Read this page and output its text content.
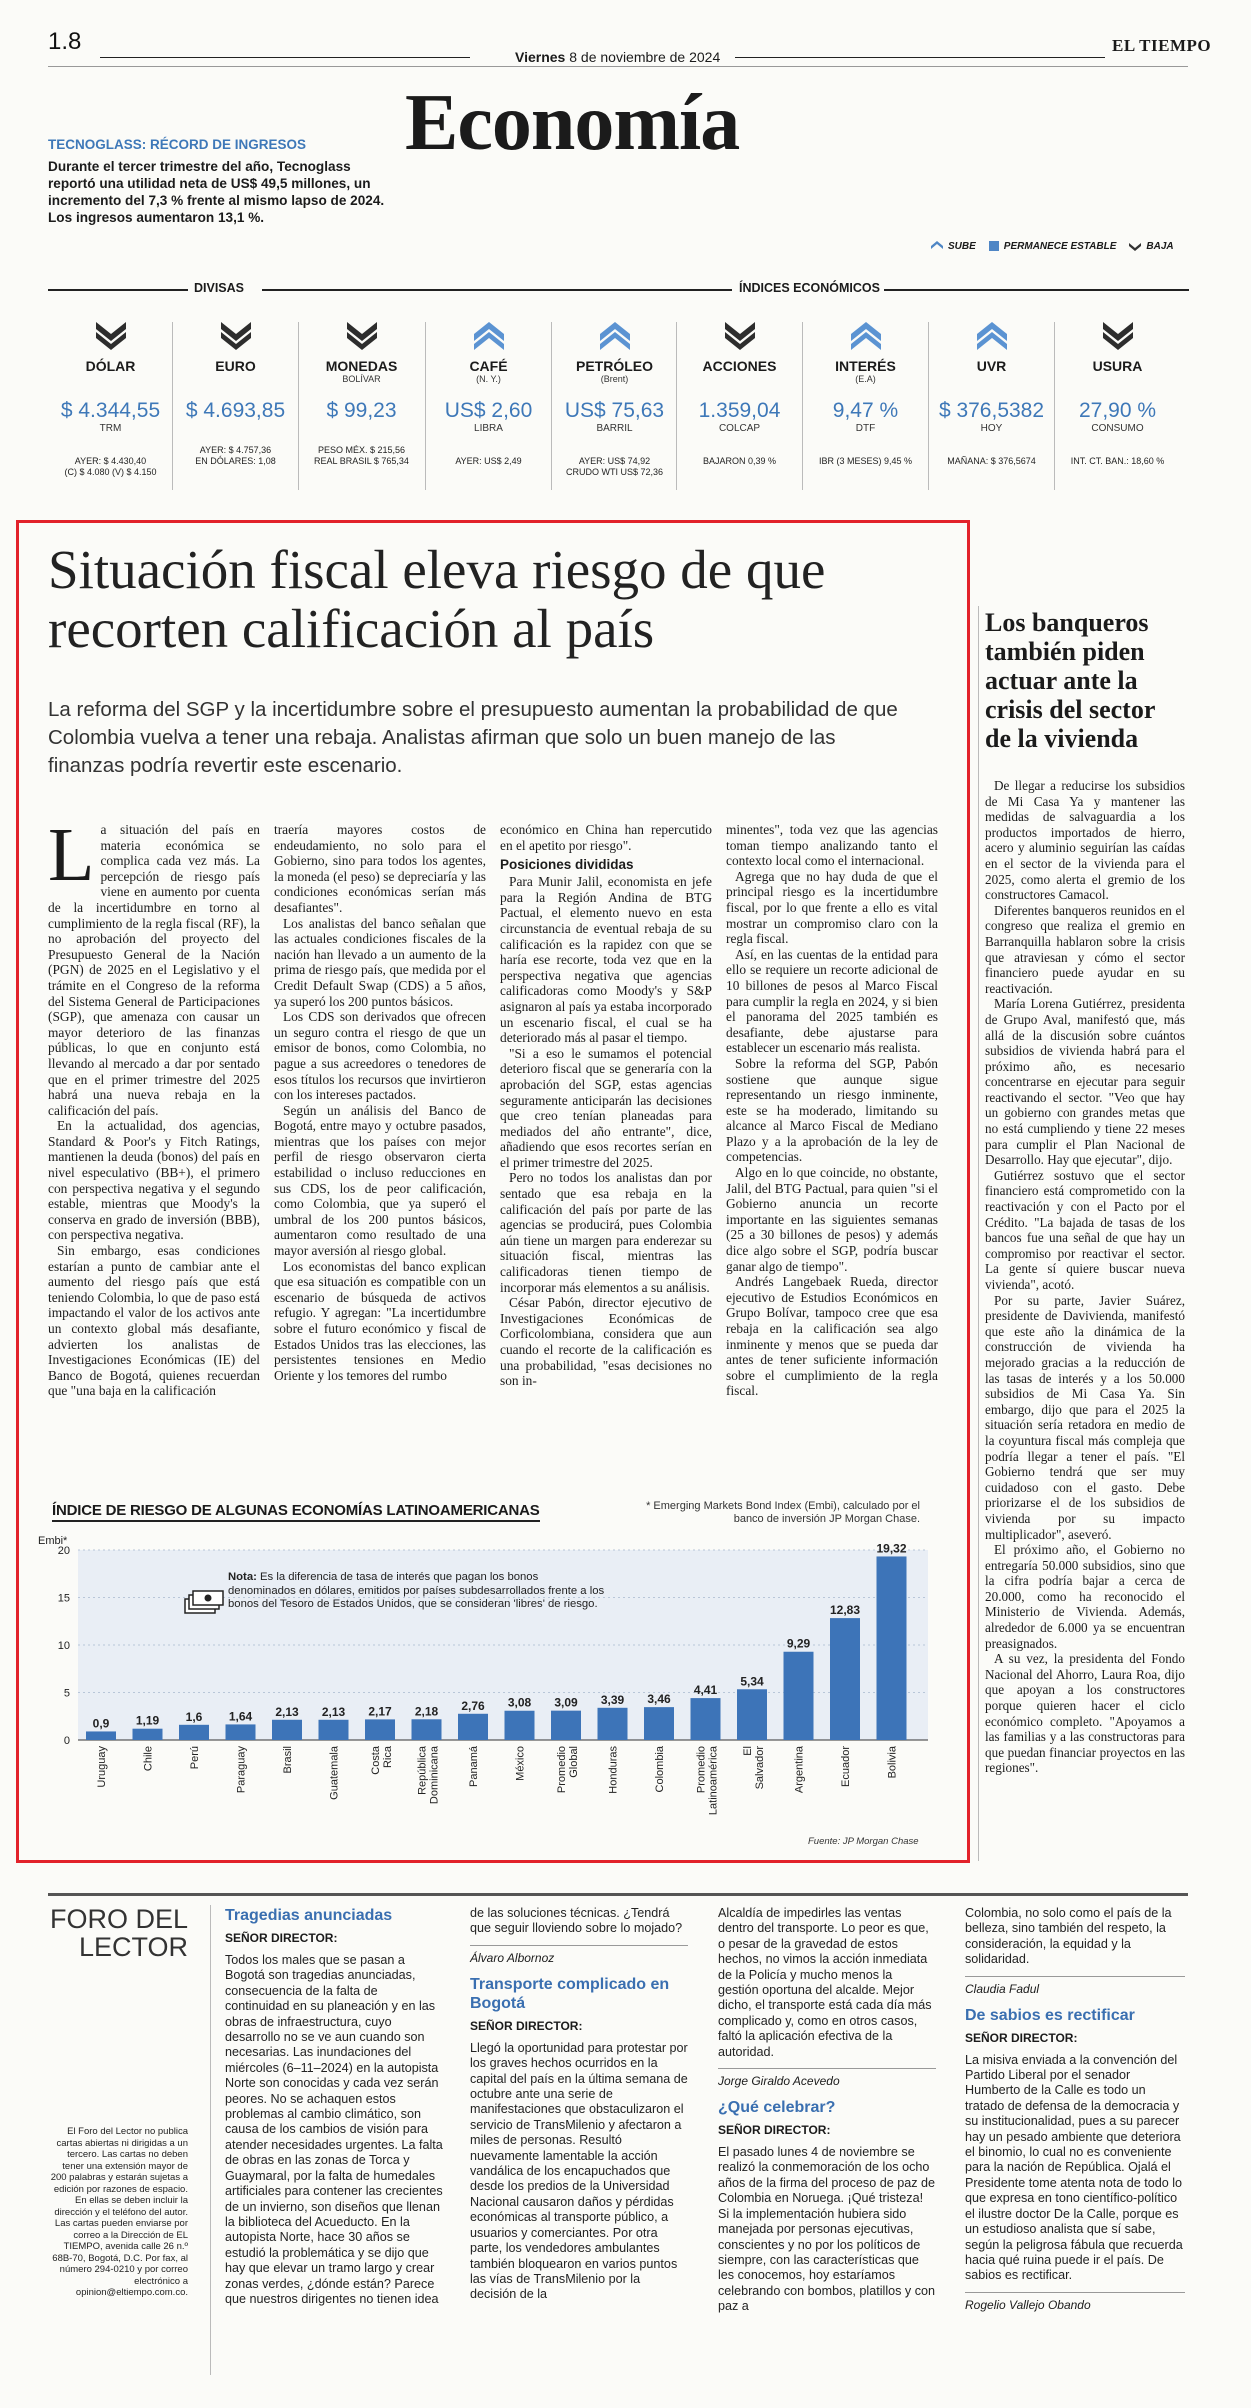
1.8
Viernes 8 de noviembre de 2024
EL TIEMPO
Economía
TECNOGLASS: RÉCORD DE INGRESOS
Durante el tercer trimestre del año, Tecnoglass reportó una utilidad neta de US$ 49,5 millones, un incremento del 7,3 % frente al mismo lapso de 2024. Los ingresos aumentaron 13,1 %.
SUBE	PERMANECE ESTABLE	BAJA
DIVISAS	ÍNDICES ECONÓMICOS
DÓLAR
$ 4.344,55
TRM
AYER: $ 4.430,40
(C) $ 4.080 (V) $ 4.150
EURO
$ 4.693,85
AYER: $ 4.757,36
EN DÓLARES: 1,08
MONEDAS
BOLÍVAR
$ 99,23
PESO MÉX. $ 215,56
REAL BRASIL $ 765,34
CAFÉ
(N. Y.)
US$ 2,60
LIBRA
AYER: US$ 2,49
PETRÓLEO
(Brent)
US$ 75,63
BARRIL
AYER: US$ 74,92
CRUDO WTI US$ 72,36
ACCIONES
1.359,04
COLCAP
BAJARON 0,39 %
INTERÉS
(E.A)
9,47 %
DTF
IBR (3 MESES) 9,45 %
UVR
$ 376,5382
HOY
MAÑANA: $ 376,5674
USURA
27,90 %
CONSUMO
INT. CT. BAN.: 18,60 %
Situación fiscal eleva riesgo de que recorten calificación al país
La reforma del SGP y la incertidumbre sobre el presupuesto aumentan la probabilidad de que Colombia vuelva a tener una rebaja. Analistas afirman que solo un buen manejo de las finanzas podría revertir este escenario.
L a situación del país en materia económica se complica cada vez más. La percepción de riesgo país viene en aumento por cuenta de la incertidumbre en torno al cumplimiento de la regla fiscal (RF), la no aprobación del proyecto del Presupuesto General de la Nación (PGN) de 2025 en el Legislativo y el trámite en el Congreso de la reforma del Sistema General de Participaciones (SGP), que amenaza con causar un mayor deterioro de las finanzas públicas, lo que en conjunto está llevando al mercado a dar por sentado que en el primer trimestre del 2025 habrá una nueva rebaja en la calificación del país.

En la actualidad, dos agencias, Standard & Poor's y Fitch Ratings, mantienen la deuda (bonos) del país en nivel especulativo (BB+), el primero con perspectiva negativa y el segundo estable, mientras que Moody's la conserva en grado de inversión (BBB), con perspectiva negativa.

Sin embargo, esas condiciones estarían a punto de cambiar ante el aumento del riesgo país que está teniendo Colombia, lo que de paso está impactando el valor de los activos ante un contexto global más desafiante, advierten los analistas de Investigaciones Económicas (IE) del Banco de Bogotá, quienes recuerdan que "una baja en la calificación

traería mayores costos de endeudamiento, no solo para el Gobierno, sino para todos los agentes, la moneda (el peso) se depreciaría y las condiciones económicas serían más desafiantes".

Los analistas del banco señalan que las actuales condiciones fiscales de la nación han llevado a un aumento de la prima de riesgo país, que medida por el Credit Default Swap (CDS) a 5 años, ya superó los 200 puntos básicos.

Los CDS son derivados que ofrecen un seguro contra el riesgo de que un emisor de bonos, como Colombia, no pague a sus acreedores o tenedores de esos títulos los recursos que invirtieron con los intereses pactados.

Según un análisis del Banco de Bogotá, entre mayo y octubre pasados, mientras que los países con mejor perfil de riesgo observaron cierta estabilidad o incluso reducciones en sus CDS, los de peor calificación, como Colombia, que ya superó el umbral de los 200 puntos básicos, aumentaron como resultado de una mayor aversión al riesgo global.

Los economistas del banco explican que esa situación es compatible con un escenario de búsqueda de activos refugio. Y agregan: "La incertidumbre sobre el futuro económico y fiscal de Estados Unidos tras las elecciones, las persistentes tensiones en Medio Oriente y los temores del rumbo

económico en China han repercutido en el apetito por riesgo".

Posiciones divididas

Para Munir Jalil, economista en jefe para la Región Andina de BTG Pactual, el elemento nuevo en esta circunstancia de eventual rebaja de su calificación es la rapidez con que se haría ese recorte, toda vez que en la perspectiva negativa que agencias calificadoras como Moody's y S&P asignaron al país ya estaba incorporado un escenario fiscal, el cual se ha deteriorado más al pasar el tiempo.

"Si a eso le sumamos el potencial deterioro fiscal que se generaría con la aprobación del SGP, estas agencias seguramente anticiparán las decisiones que creo tenían planeadas para mediados del año entrante", dice, añadiendo que esos recortes serían en el primer trimestre del 2025.

Pero no todos los analistas dan por sentado que esa rebaja en la calificación del país por parte de las agencias se producirá, pues Colombia aún tiene un margen para enderezar su situación fiscal, mientras las calificadoras tienen tiempo de incorporar más elementos a su análisis.

César Pabón, director ejecutivo de Investigaciones Económicas de Corficolombiana, considera que aun cuando el recorte de la calificación es una probabilidad, "esas decisiones no son in-

minentes", toda vez que las agencias toman tiempo analizando tanto el contexto local como el internacional.

Agrega que no hay duda de que el principal riesgo es la incertidumbre fiscal, por lo que frente a ello es vital mostrar un compromiso claro con la regla fiscal.

Así, en las cuentas de la entidad para ello se requiere un recorte adicional de 10 billones de pesos al Marco Fiscal para cumplir la regla en 2024, y si bien el panorama del 2025 también es desafiante, debe ajustarse para establecer un escenario más realista.

Sobre la reforma del SGP, Pabón sostiene que aunque sigue representando un riesgo inminente, este se ha moderado, limitando su alcance al Marco Fiscal de Mediano Plazo y a la aprobación de la ley de competencias.

Algo en lo que coincide, no obstante, Jalil, del BTG Pactual, para quien "si el Gobierno anuncia un recorte importante en las siguientes semanas (25 a 30 billones de pesos) y además dice algo sobre el SGP, podría buscar ganar algo de tiempo".

Andrés Langebaek Rueda, director ejecutivo de Estudios Económicos en Grupo Bolívar, tampoco cree que esa rebaja en la calificación sea algo inminente y menos que se pueda dar antes de tener suficiente información sobre el cumplimiento de la regla fiscal.

ÍNDICE DE RIESGO DE ALGUNAS ECONOMÍAS LATINOAMERICANAS	* Emerging Markets Bond Index (Embi), calculado por el banco de inversión JP Morgan Chase.
Embi*
0
5
10
15
20
0,9
Uruguay
1,19
Chile
1,6
Perú
1,64
Paraguay
2,13
Brasil
2,13
Guatemala
2,17
CostaRica
2,18
RepúblicaDominicana
2,76
Panamá
3,08
México
3,09
PromedioGlobal
3,39
Honduras
3,46
Colombia
4,41
PromedioLatinoamérica
5,34
ElSalvador
9,29
Argentina
12,83
Ecuador
19,32
Bolivia
Nota: Es la diferencia de tasa de interés que pagan los bonos denominados en dólares, emitidos por países subdesarrollados frente a los bonos del Tesoro de Estados Unidos, que se consideran 'libres' de riesgo.
Fuente: JP Morgan Chase
Los banqueros también piden actuar ante la crisis del sector de la vivienda

De llegar a reducirse los subsidios de Mi Casa Ya y mantener las medidas de salvaguardia a los productos importados de hierro, acero y aluminio seguirían las caídas en el sector de la vivienda para el 2025, como alerta el gremio de los constructores Camacol.

Diferentes banqueros reunidos en el congreso que realiza el gremio en Barranquilla hablaron sobre la crisis que atraviesan y cómo el sector financiero puede ayudar en su reactivación.

María Lorena Gutiérrez, presidenta de Grupo Aval, manifestó que, más allá de la discusión sobre cuántos subsidios de vivienda habrá para el próximo año, es necesario concentrarse en ejecutar para seguir reactivando el sector. "Veo que hay un gobierno con grandes metas que no está cumpliendo y tiene 22 meses para cumplir el Plan Nacional de Desarrollo. Hay que ejecutar", dijo.

Gutiérrez sostuvo que el sector financiero está comprometido con la reactivación y con el Pacto por el Crédito. "La bajada de tasas de los bancos fue una señal de que hay un compromiso por reactivar el sector. La gente sí quiere buscar nueva vivienda", acotó.

Por su parte, Javier Suárez, presidente de Davivienda, manifestó que este año la dinámica de la construcción de vivienda ha mejorado gracias a la reducción de las tasas de interés y a los 50.000 subsidios de Mi Casa Ya. Sin embargo, dijo que para el 2025 la situación sería retadora en medio de la coyuntura fiscal más compleja que podría llegar a tener el país. "El Gobierno tendrá que ser muy cuidadoso con el gasto. Debe priorizarse el de los subsidios de vivienda por su impacto multiplicador", aseveró.

El próximo año, el Gobierno no entregaría 50.000 subsidios, sino que la cifra podría bajar a cerca de 20.000, como ha reconocido el Ministerio de Vivienda. Además, alrededor de 6.000 ya se encuentran preasignados.

A su vez, la presidenta del Fondo Nacional del Ahorro, Laura Roa, dijo que apoyan a los constructores porque quieren hacer el ciclo económico completo. "Apoyamos a las familias y a las constructoras para que puedan financiar proyectos en las regiones".

FORO DEL LECTOR
El Foro del Lector no publica cartas abiertas ni dirigidas a un tercero. Las cartas no deben tener una extensión mayor de 200 palabras y estarán sujetas a edición por razones de espacio. En ellas se deben incluir la dirección y el teléfono del autor. Las cartas pueden enviarse por correo a la Dirección de EL TIEMPO, avenida calle 26 n.º 68B-70, Bogotá, D.C. Por fax, al número 294-0210 y por correo electrónico a opinion@eltiempo.com.co.
Tragedias anunciadas
SEÑOR DIRECTOR:

Todos los males que se pasan a Bogotá son tragedias anunciadas, consecuencia de la falta de continuidad en su planeación y en las obras de infraestructura, cuyo desarrollo no se ve aun cuando son necesarias. Las inundaciones del miércoles (6–11–2024) en la autopista Norte son conocidas y cada vez serán peores. No se achaquen estos problemas al cambio climático, son causa de los cambios de visión para atender necesidades urgentes. La falta de obras en las zonas de Torca y Guaymaral, por la falta de humedales artificiales para contener las crecientes de un invierno, son diseños que llenan la biblioteca del Acueducto. En la autopista Norte, hace 30 años se estudió la problemática y se dijo que hay que elevar un tramo largo y crear zonas verdes, ¿dónde están? Parece que nuestros dirigentes no tienen idea

de las soluciones técnicas. ¿Tendrá que seguir lloviendo sobre lo mojado?

Álvaro Albornoz
Transporte complicado en Bogotá
SEÑOR DIRECTOR:

Llegó la oportunidad para protestar por los graves hechos ocurridos en la capital del país en la última semana de octubre ante una serie de manifestaciones que obstaculizaron el servicio de TransMilenio y afectaron a miles de personas. Resultó nuevamente lamentable la acción vandálica de los encapuchados que desde los predios de la Universidad Nacional causaron daños y pérdidas económicas al transporte público, a usuarios y comerciantes. Por otra parte, los vendedores ambulantes también bloquearon en varios puntos las vías de TransMilenio por la decisión de la

Alcaldía de impedirles las ventas dentro del transporte. Lo peor es que, o pesar de la gravedad de estos hechos, no vimos la acción inmediata de la Policía y mucho menos la gestión oportuna del alcalde. Mejor dicho, el transporte está cada día más complicado y, como en otros casos, faltó la aplicación efectiva de la autoridad.

Jorge Giraldo Acevedo
¿Qué celebrar?
SEÑOR DIRECTOR:

El pasado lunes 4 de noviembre se realizó la conmemoración de los ocho años de la firma del proceso de paz de Colombia en Noruega. ¡Qué tristeza! Si la implementación hubiera sido manejada por personas ejecutivas, conscientes y no por los políticos de siempre, con las características que les conocemos, hoy estaríamos celebrando con bombos, platillos y con paz a

Colombia, no solo como el país de la belleza, sino también del respeto, la consideración, la equidad y la solidaridad.

Claudia Fadul
De sabios es rectificar
SEÑOR DIRECTOR:

La misiva enviada a la convención del Partido Liberal por el senador Humberto de la Calle es todo un tratado de defensa de la democracia y su institucionalidad, pues a su parecer hay un pesado ambiente que deteriora el binomio, lo cual no es conveniente para la nación de República. Ojalá el Presidente tome atenta nota de todo lo que expresa en tono científico-político el ilustre doctor De la Calle, porque es un estudioso analista que sí sabe, según la peligrosa fábula que recuerda hacia qué ruina puede ir el país. De sabios es rectificar.

Rogelio Vallejo Obando
